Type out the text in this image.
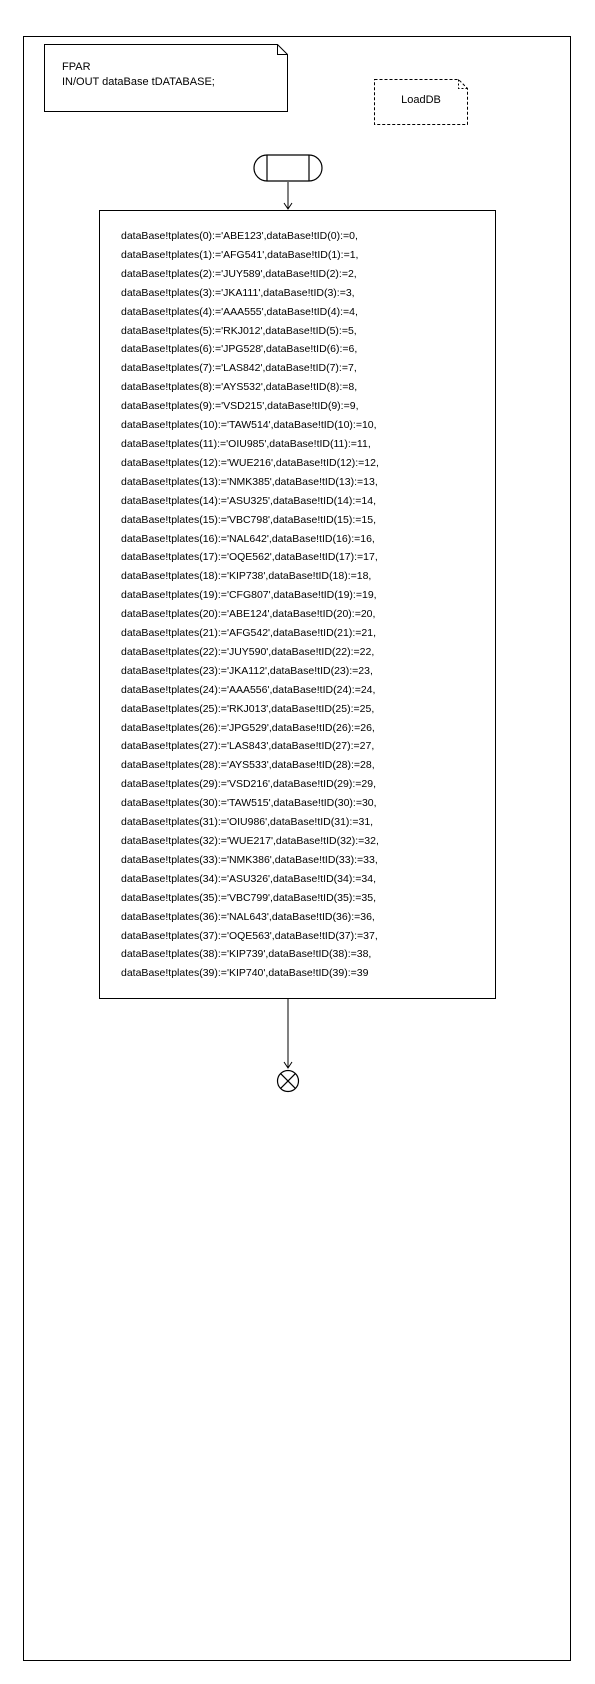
FPAR
IN/OUT dataBase tDATABASE;
LoadDB
dataBase!tplates(0):='ABE123',dataBase!tID(0):=0,
dataBase!tplates(1):='AFG541',dataBase!tID(1):=1,
dataBase!tplates(2):='JUY589',dataBase!tID(2):=2,
dataBase!tplates(3):='JKA111',dataBase!tID(3):=3,
dataBase!tplates(4):='AAA555',dataBase!tID(4):=4,
dataBase!tplates(5):='RKJ012',dataBase!tID(5):=5,
dataBase!tplates(6):='JPG528',dataBase!tID(6):=6,
dataBase!tplates(7):='LAS842',dataBase!tID(7):=7,
dataBase!tplates(8):='AYS532',dataBase!tID(8):=8,
dataBase!tplates(9):='VSD215',dataBase!tID(9):=9,
dataBase!tplates(10):='TAW514',dataBase!tID(10):=10,
dataBase!tplates(11):='OIU985',dataBase!tID(11):=11,
dataBase!tplates(12):='WUE216',dataBase!tID(12):=12,
dataBase!tplates(13):='NMK385',dataBase!tID(13):=13,
dataBase!tplates(14):='ASU325',dataBase!tID(14):=14,
dataBase!tplates(15):='VBC798',dataBase!tID(15):=15,
dataBase!tplates(16):='NAL642',dataBase!tID(16):=16,
dataBase!tplates(17):='OQE562',dataBase!tID(17):=17,
dataBase!tplates(18):='KIP738',dataBase!tID(18):=18,
dataBase!tplates(19):='CFG807',dataBase!tID(19):=19,
dataBase!tplates(20):='ABE124',dataBase!tID(20):=20,
dataBase!tplates(21):='AFG542',dataBase!tID(21):=21,
dataBase!tplates(22):='JUY590',dataBase!tID(22):=22,
dataBase!tplates(23):='JKA112',dataBase!tID(23):=23,
dataBase!tplates(24):='AAA556',dataBase!tID(24):=24,
dataBase!tplates(25):='RKJ013',dataBase!tID(25):=25,
dataBase!tplates(26):='JPG529',dataBase!tID(26):=26,
dataBase!tplates(27):='LAS843',dataBase!tID(27):=27,
dataBase!tplates(28):='AYS533',dataBase!tID(28):=28,
dataBase!tplates(29):='VSD216',dataBase!tID(29):=29,
dataBase!tplates(30):='TAW515',dataBase!tID(30):=30,
dataBase!tplates(31):='OIU986',dataBase!tID(31):=31,
dataBase!tplates(32):='WUE217',dataBase!tID(32):=32,
dataBase!tplates(33):='NMK386',dataBase!tID(33):=33,
dataBase!tplates(34):='ASU326',dataBase!tID(34):=34,
dataBase!tplates(35):='VBC799',dataBase!tID(35):=35,
dataBase!tplates(36):='NAL643',dataBase!tID(36):=36,
dataBase!tplates(37):='OQE563',dataBase!tID(37):=37,
dataBase!tplates(38):='KIP739',dataBase!tID(38):=38,
dataBase!tplates(39):='KIP740',dataBase!tID(39):=39
